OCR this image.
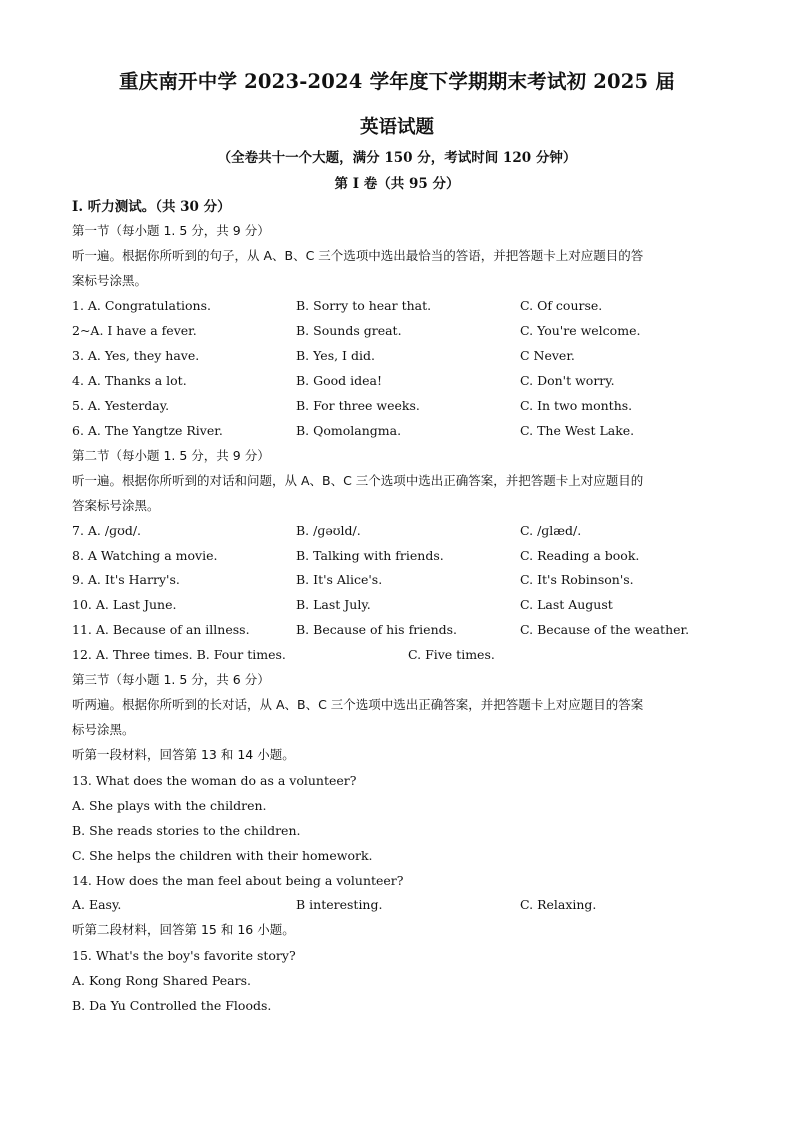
重庆南开中学 2023-2024 学年度下学期期末考试初 2025 届
英语试题
（全卷共十一个大题，满分 150 分，考试时间 120 分钟）
第 I 卷（共 95 分）
I. 听力测试。（共 30 分）
第一节（每小题 1. 5 分，共 9 分）
听一遍。根据你所听到的句子，从 A、B、C 三个选项中选出最恰当的答语，并把答题卡上对应题目的答
案标号涂黑。
1. A. Congratulations.	B. Sorry to hear that.	C. Of course.
2~A. I have a fever.	B. Sounds great.	C. You're welcome.
3. A. Yes, they have.	B. Yes, I did.	C Never.
4. A. Thanks a lot.	B. Good idea!	C. Don't worry.
5. A. Yesterday.	B. For three weeks.	C. In two months.
6. A. The Yangtze River.	B. Qomolangma.	C. The West Lake.
第二节（每小题 1. 5 分，共 9 分）
听一遍。根据你所听到的对话和问题，从 A、B、C 三个选项中选出正确答案，并把答题卡上对应题目的
答案标号涂黑。
7. A. /ɡʊd/.	B. /ɡəʊld/.	C. /ɡlæd/.
8. A Watching a movie.	B. Talking with friends.	C. Reading a book.
9. A. It's Harry's.	B. It's Alice's.	C. It's Robinson's.
10. A. Last June.	B. Last July.	C. Last August
11. A. Because of an illness.	B. Because of his friends.	C. Because of the weather.
12. A. Three times. B. Four times.	C. Five times.
第三节（每小题 1. 5 分，共 6 分）
听两遍。根据你所听到的长对话，从 A、B、C 三个选项中选出正确答案，并把答题卡上对应题目的答案
标号涂黑。
听第一段材料，回答第 13 和 14 小题。
13. What does the woman do as a volunteer?
A. She plays with the children.
B. She reads stories to the children.
C. She helps the children with their homework.
14. How does the man feel about being a volunteer?
A. Easy.	B interesting.	C. Relaxing.
听第二段材料，回答第 15 和 16 小题。
15. What's the boy's favorite story?
A. Kong Rong Shared Pears.
B. Da Yu Controlled the Floods.
